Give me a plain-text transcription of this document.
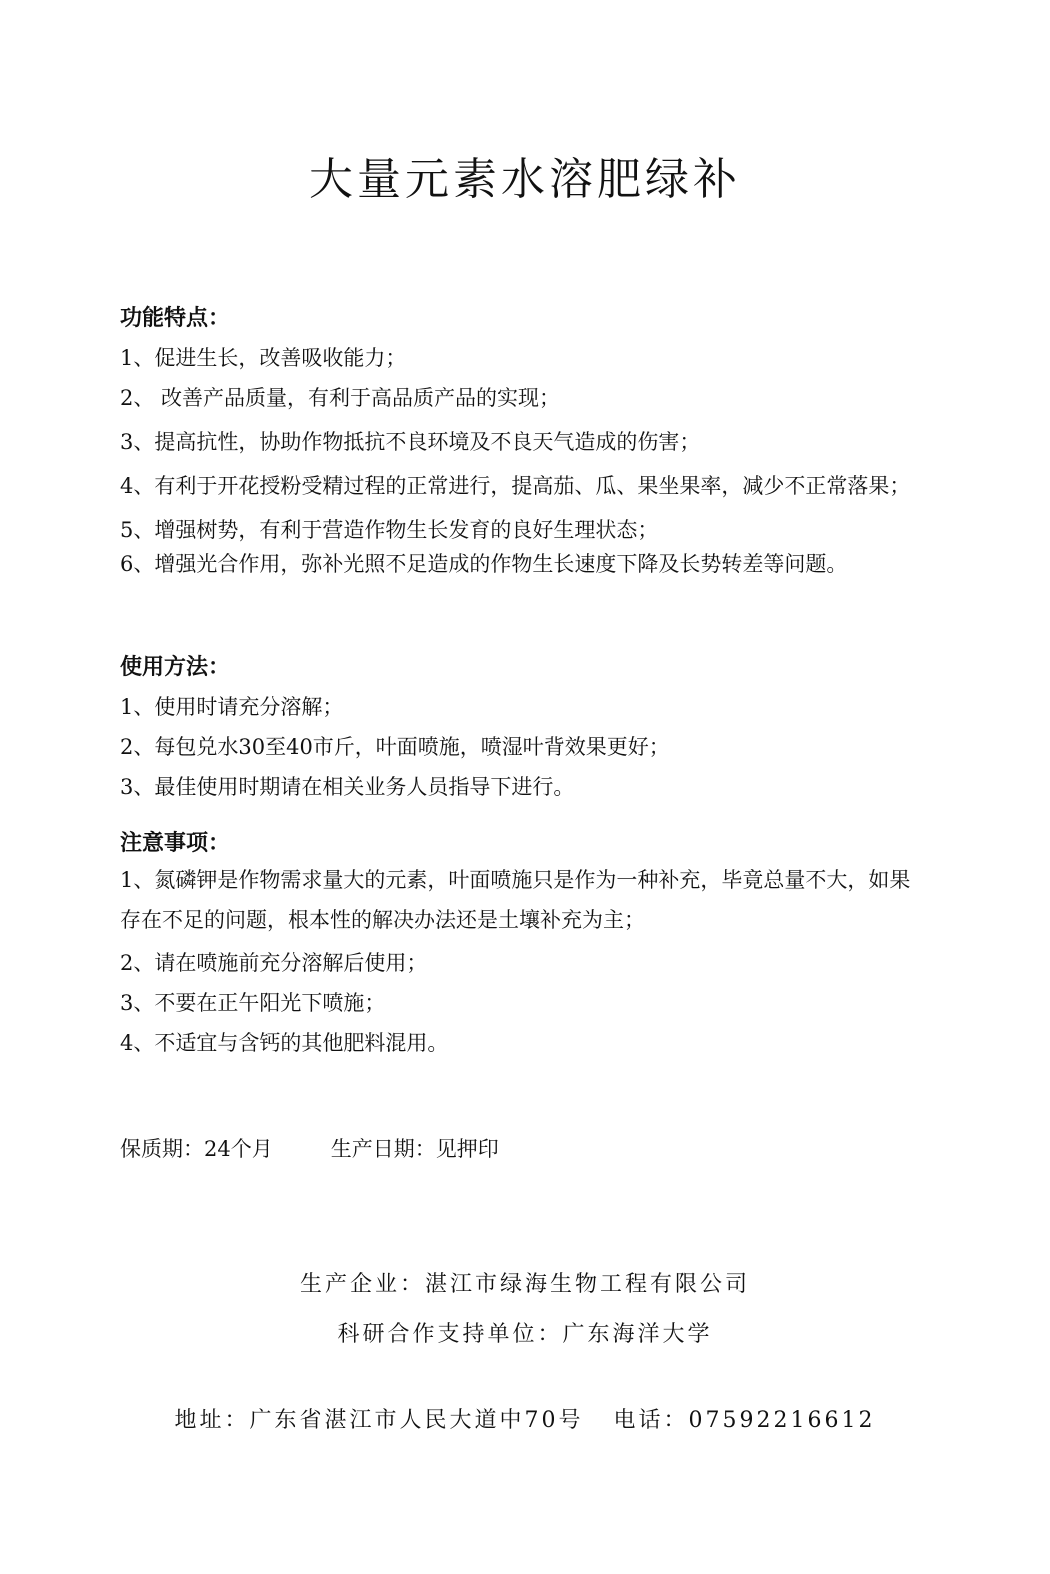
大量元素水溶肥绿补

功能特点：

1、促进生长，改善吸收能力；

2、 改善产品质量，有利于高品质产品的实现；

3、提高抗性，协助作物抵抗不良环境及不良天气造成的伤害；

4、有利于开花授粉受精过程的正常进行，提高茄、瓜、果坐果率，减少不正常落果；

5、增强树势，有利于营造作物生长发育的良好生理状态；

6、增强光合作用，弥补光照不足造成的作物生长速度下降及长势转差等问题。

使用方法：

1、使用时请充分溶解；

2、每包兑水30至40市斤，叶面喷施，喷湿叶背效果更好；

3、最佳使用时期请在相关业务人员指导下进行。

注意事项：

1、氮磷钾是作物需求量大的元素，叶面喷施只是作为一种补充，毕竟总量不大，如果存在不足的问题，根本性的解决办法还是土壤补充为主；

2、请在喷施前充分溶解后使用；

3、不要在正午阳光下喷施；

4、不适宜与含钙的其他肥料混用。

保质期：24个月	生产日期：见押印
生产企业：湛江市绿海生物工程有限公司
科研合作支持单位：广东海洋大学
地址：广东省湛江市人民大道中70号 电话：07592216612
